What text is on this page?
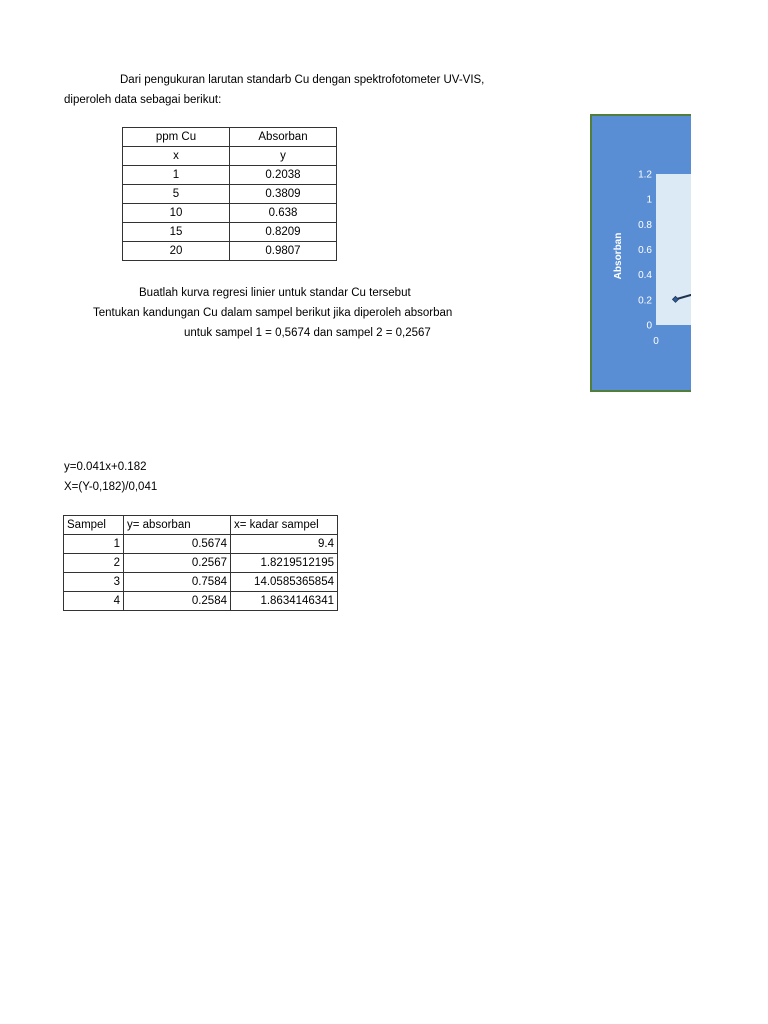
Dari pengukuran larutan standarb Cu dengan spektrofotometer UV-VIS,
diperoleh data sebagai berikut:
ppm Cu	Absorban
x	y
1	0.2038
5	0.3809
10	0.638
15	0.8209
20	0.9807
Buatlah kurva regresi linier untuk standar Cu tersebut
Tentukan kandungan Cu dalam sampel berikut jika diperoleh absorban
untuk sampel 1 = 0,5674 dan sampel 2 = 0,2567
1.2
1
0.8
0.6
0.4
0.2
0
0
Absorban
y=0.041x+0.182
X=(Y-0,182)/0,041
Sampel	y= absorban	x= kadar sampel
1	0.5674	9.4
2	0.2567	1.8219512195
3	0.7584	14.0585365854
4	0.2584	1.8634146341
